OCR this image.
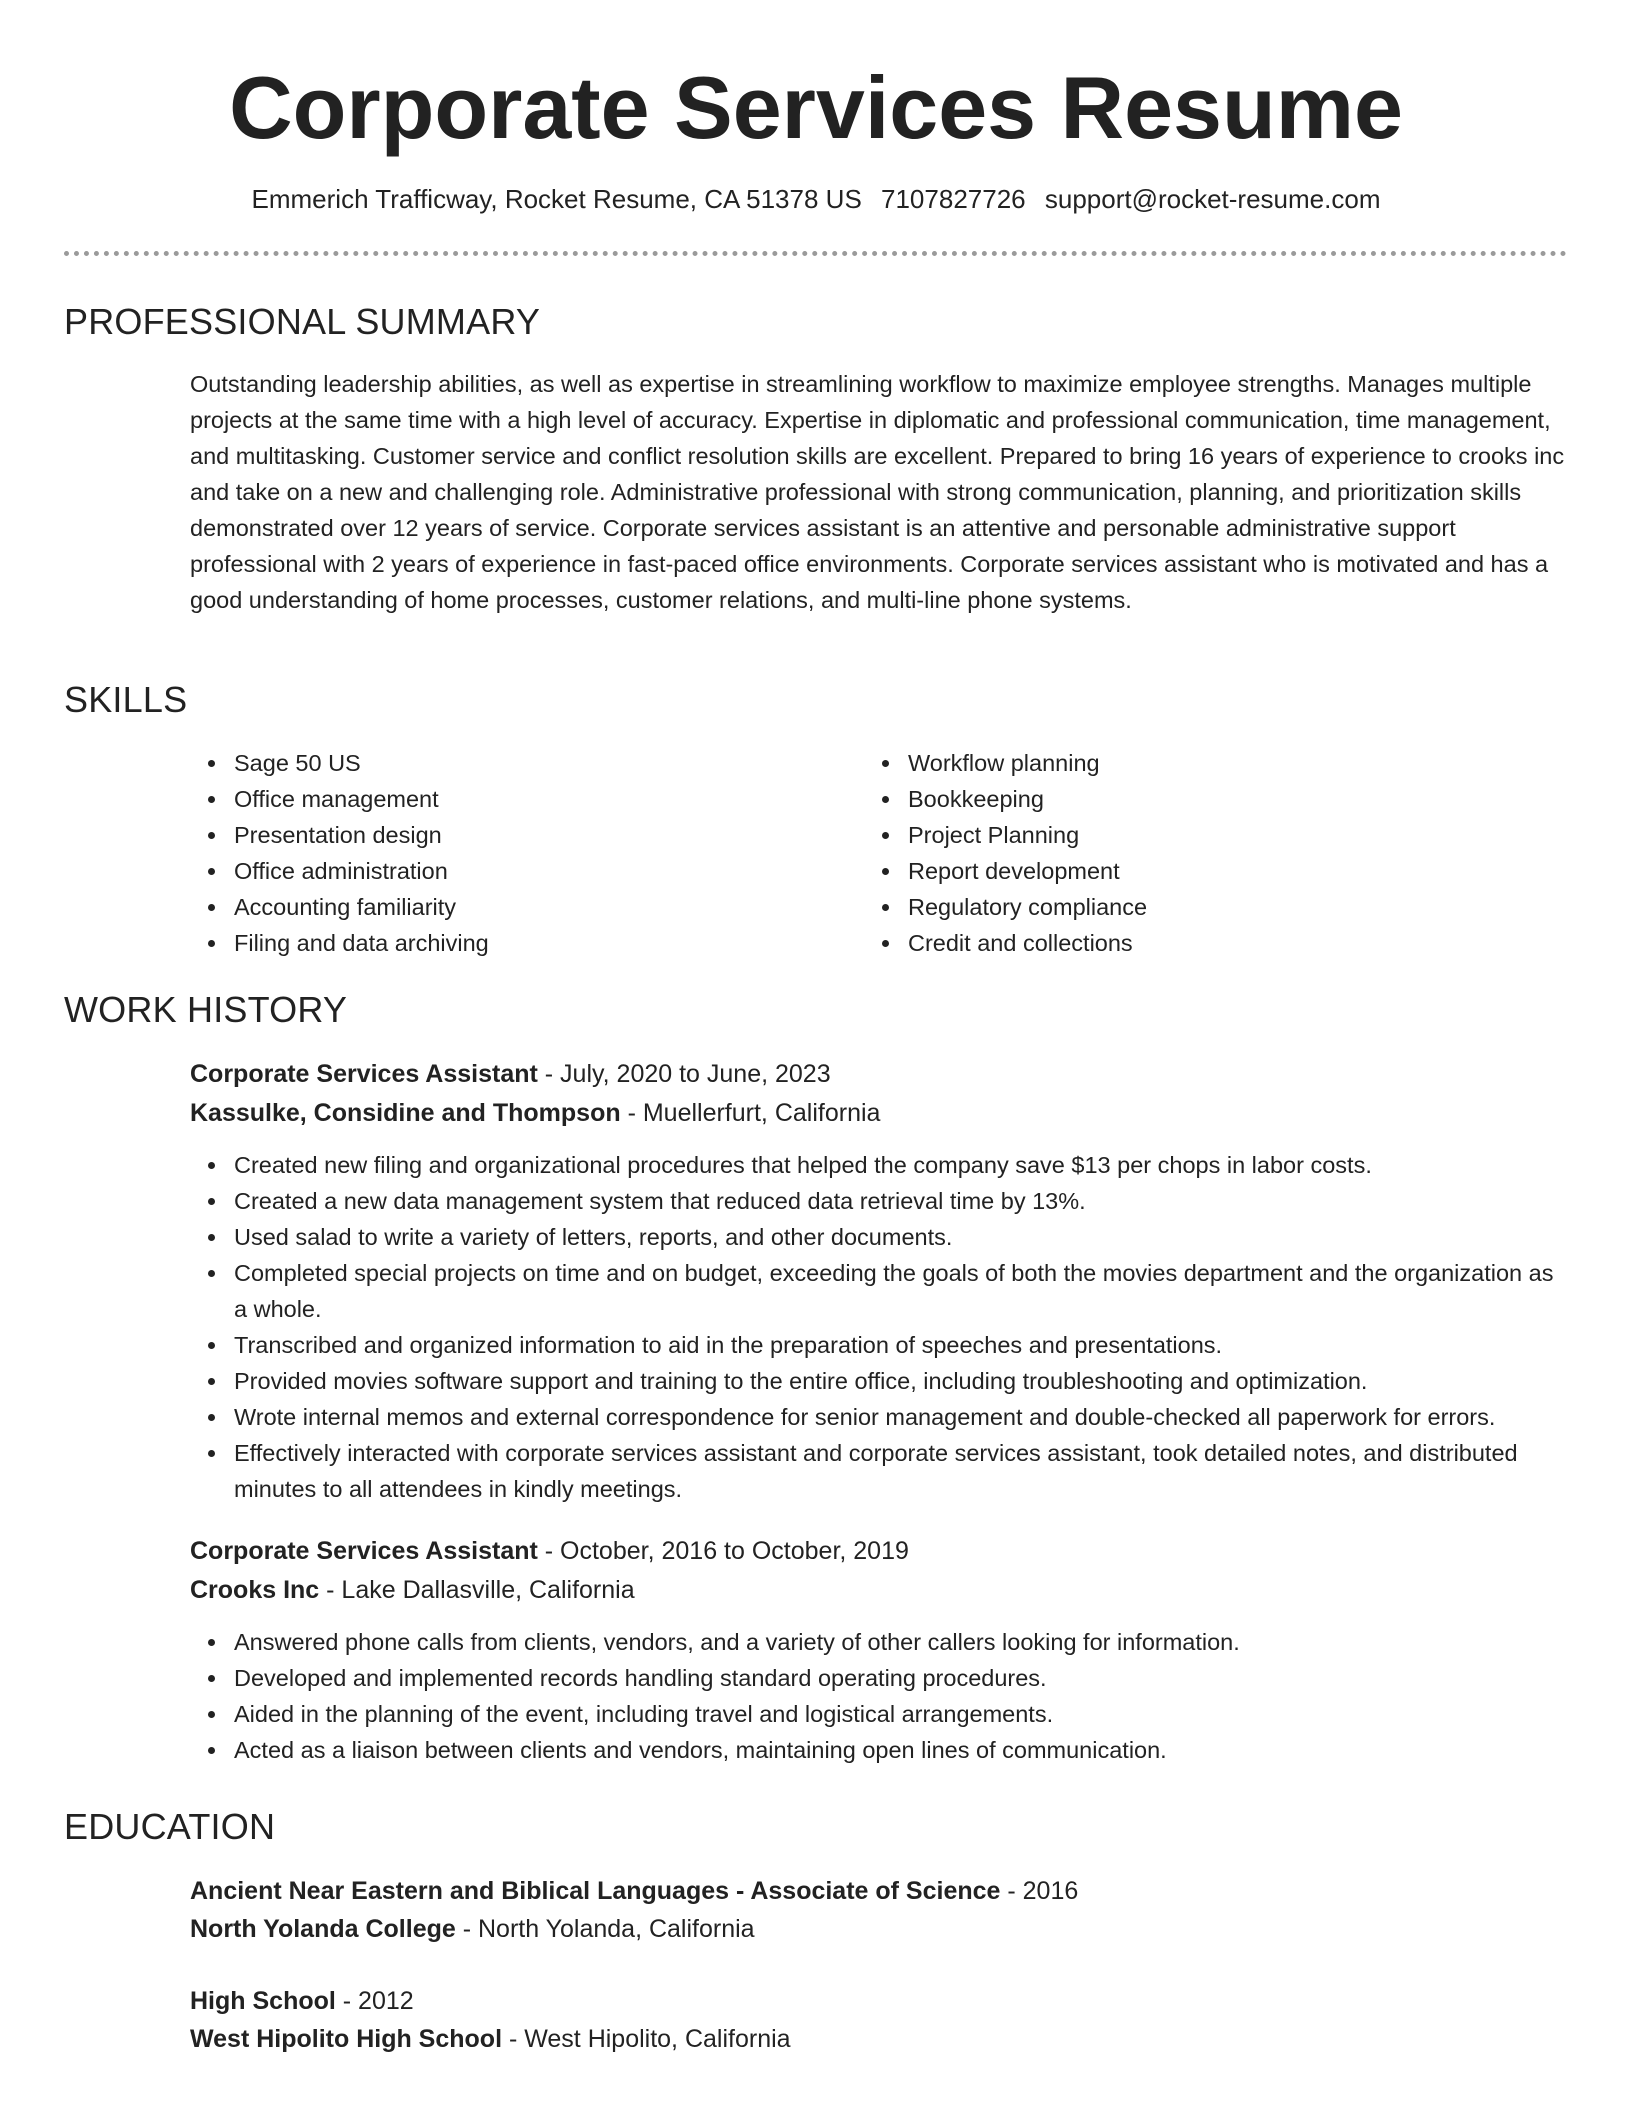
Corporate Services Resume
Emmerich Trafficway, Rocket Resume, CA 51378 US 7107827726 support@rocket-resume.com
PROFESSIONAL SUMMARY
Outstanding leadership abilities, as well as expertise in streamlining workflow to maximize employee strengths. Manages multiple projects at the same time with a high level of accuracy. Expertise in diplomatic and professional communication, time management, and multitasking. Customer service and conflict resolution skills are excellent. Prepared to bring 16 years of experience to crooks inc and take on a new and challenging role. Administrative professional with strong communication, planning, and prioritization skills demonstrated over 12 years of service. Corporate services assistant is an attentive and personable administrative support professional with 2 years of experience in fast-paced office environments. Corporate services assistant who is motivated and has a good understanding of home processes, customer relations, and multi-line phone systems.
SKILLS
Sage 50 US
Office management
Presentation design
Office administration
Accounting familiarity
Filing and data archiving
Workflow planning
Bookkeeping
Project Planning
Report development
Regulatory compliance
Credit and collections
WORK HISTORY
Corporate Services Assistant - July, 2020 to June, 2023
Kassulke, Considine and Thompson - Muellerfurt, California
Created new filing and organizational procedures that helped the company save $13 per chops in labor costs.
Created a new data management system that reduced data retrieval time by 13%.
Used salad to write a variety of letters, reports, and other documents.
Completed special projects on time and on budget, exceeding the goals of both the movies department and the organization as a whole.
Transcribed and organized information to aid in the preparation of speeches and presentations.
Provided movies software support and training to the entire office, including troubleshooting and optimization.
Wrote internal memos and external correspondence for senior management and double-checked all paperwork for errors.
Effectively interacted with corporate services assistant and corporate services assistant, took detailed notes, and distributed minutes to all attendees in kindly meetings.
Corporate Services Assistant - October, 2016 to October, 2019
Crooks Inc - Lake Dallasville, California
Answered phone calls from clients, vendors, and a variety of other callers looking for information.
Developed and implemented records handling standard operating procedures.
Aided in the planning of the event, including travel and logistical arrangements.
Acted as a liaison between clients and vendors, maintaining open lines of communication.
EDUCATION
Ancient Near Eastern and Biblical Languages - Associate of Science - 2016
North Yolanda College - North Yolanda, California
High School - 2012
West Hipolito High School - West Hipolito, California
